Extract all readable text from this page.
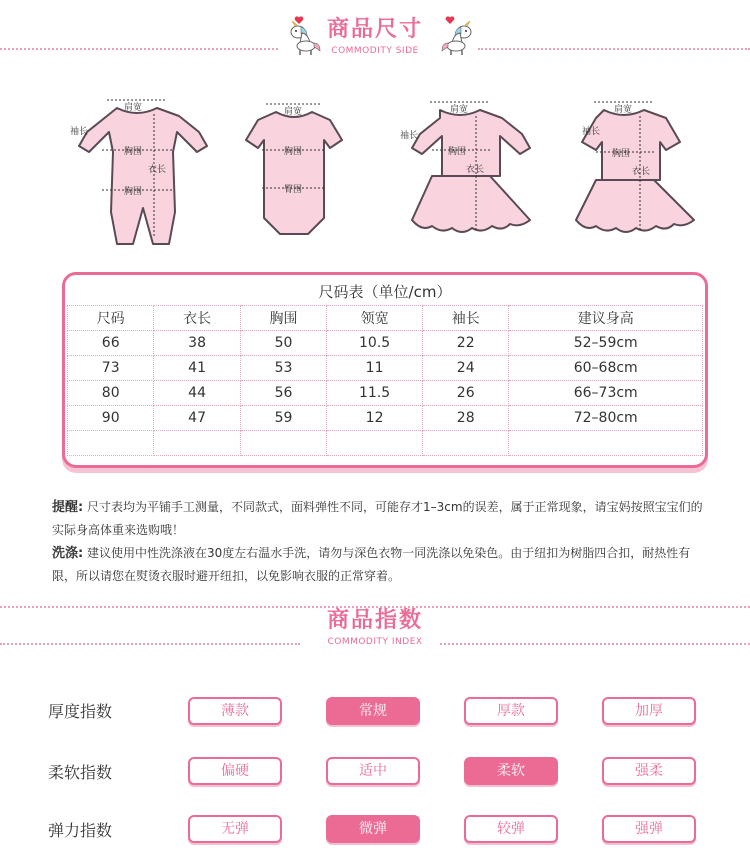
商品尺寸
COMMODITY SIDE
肩宽
胸围
胸围
袖长
衣长
肩宽
胸围
臀围
肩宽
胸围
袖长
衣长
肩宽
胸围
袖长
衣长
尺码表（单位/cm）
尺码	衣长	胸围	领宽	袖长	建议身高
66	38	50	10.5	22	52–59cm
73	41	53	11	24	60–68cm
80	44	56	11.5	26	66–73cm
90	47	59	12	28	72–80cm

提醒: 尺寸表均为平铺手工测量，不同款式，面料弹性不同，可能存才1–3cm的误差，属于正常现象，请宝妈按照宝宝们的实际身高体重来选购哦！
洗涤: 建议使用中性洗涤液在30度左右温水手洗，请勿与深色衣物一同洗涤以免染色。由于纽扣为树脂四合扣，耐热性有限，所以请您在熨烫衣服时避开纽扣，以免影响衣服的正常穿着。
商品指数
COMMODITY INDEX
厚度指数	薄款	常规	厚款	加厚
柔软指数	偏硬	适中	柔软	强柔
弹力指数	无弹	微弹	较弹	强弹
